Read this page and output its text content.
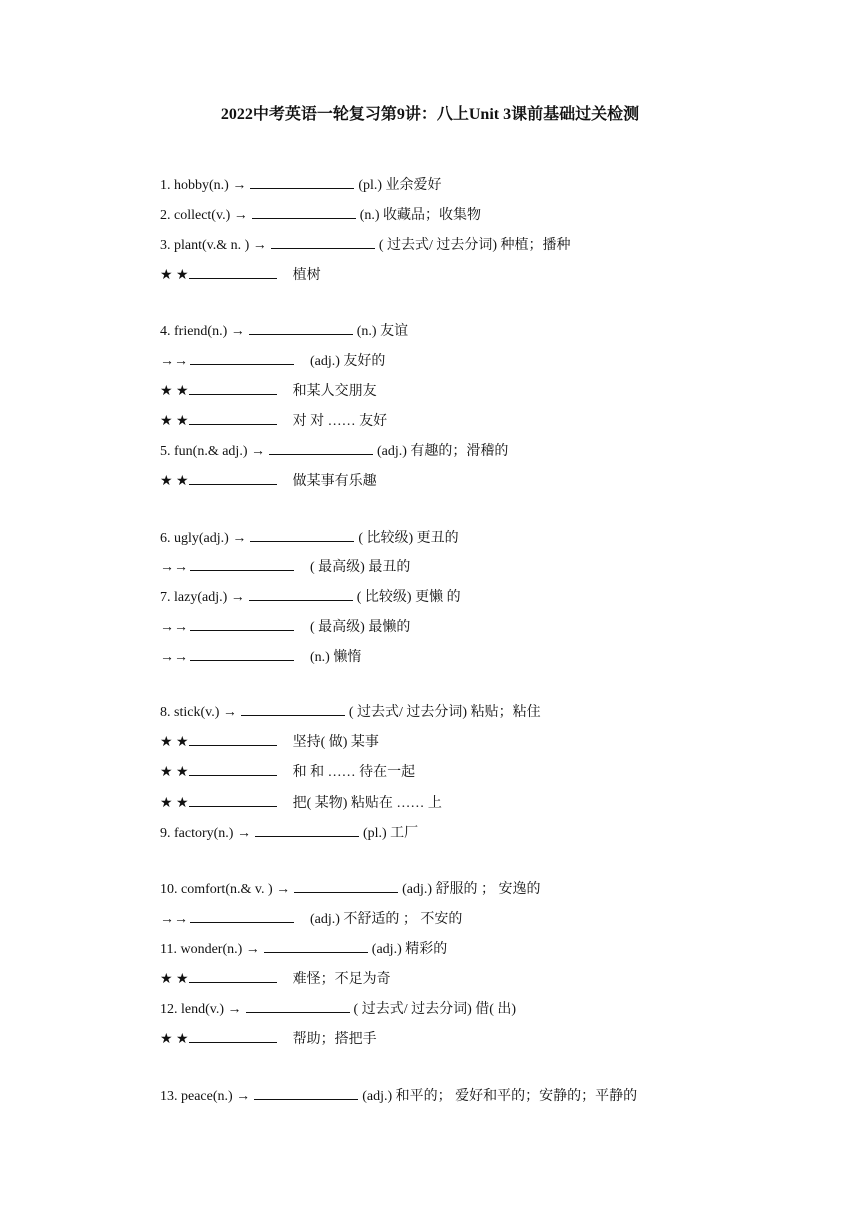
2022中考英语一轮复习第9讲：八上Unit 3课前基础过关检测
1. hobby(n.) →	(pl.) 业余爱好
2. collect(v.) →	(n.) 收藏品；收集物
3. plant(v.& n. ) →	( 过去式/ 过去分词) 种植；播种
★ ★	植树
4. friend(n.) →	(n.) 友谊
→→	(adj.) 友好的
★ ★	和某人交朋友
★ ★	对 对 …… 友好
5. fun(n.& adj.) →	(adj.) 有趣的；滑稽的
★ ★	做某事有乐趣
6. ugly(adj.) →	( 比较级) 更丑的
→→	( 最高级) 最丑的
7. lazy(adj.) →	( 比较级) 更懒 的
→→	( 最高级) 最懒的
→→	(n.) 懒惰
8. stick(v.) →	( 过去式/ 过去分词) 粘贴；粘住
★ ★	坚持( 做) 某事
★ ★	和 和 …… 待在一起
★ ★	把( 某物) 粘贴在 …… 上
9. factory(n.) →	(pl.) 工厂
10. comfort(n.& v. ) →	(adj.) 舒服的 ； 安逸的
→→	(adj.) 不舒适的 ； 不安的
11. wonder(n.) →	(adj.) 精彩的
★ ★	难怪；不足为奇
12. lend(v.) →	( 过去式/ 过去分词) 借( 出)
★ ★	帮助；搭把手
13. peace(n.) →	(adj.) 和平的； 爱好和平的；安静的；平静的
